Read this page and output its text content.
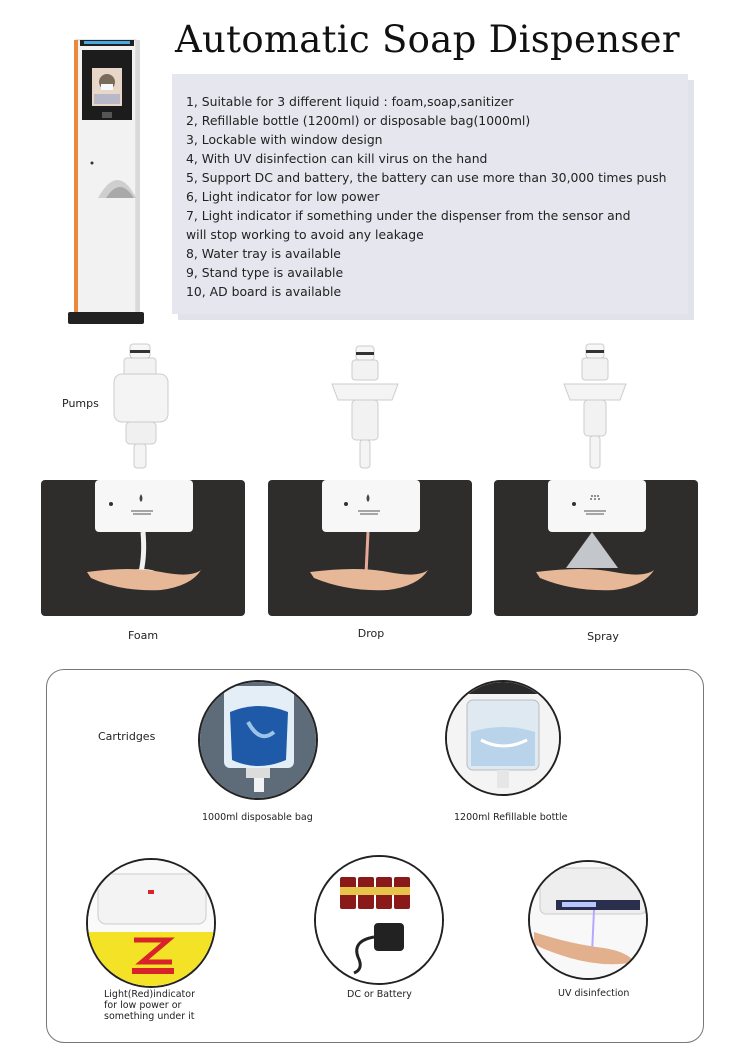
Automatic Soap Dispenser
1, Suitable for 3 different liquid : foam,soap,sanitizer
2, Refillable bottle (1200ml) or disposable bag(1000ml)
3, Lockable with window design
4, With UV disinfection can kill virus on the hand
5, Support DC and battery, the battery can use more than 30,000 times push
6, Light indicator for low power
7, Light indicator if something under the dispenser from the sensor and
will stop working to avoid any leakage
8, Water tray is available
9, Stand type is available
10, AD board is available
Pumps
Foam	Drop	Spray
Cartridges
1000ml disposable bag	1200ml Refillable bottle
Light(Red)indicator
for low power or
something under it
DC or Battery	UV disinfection
